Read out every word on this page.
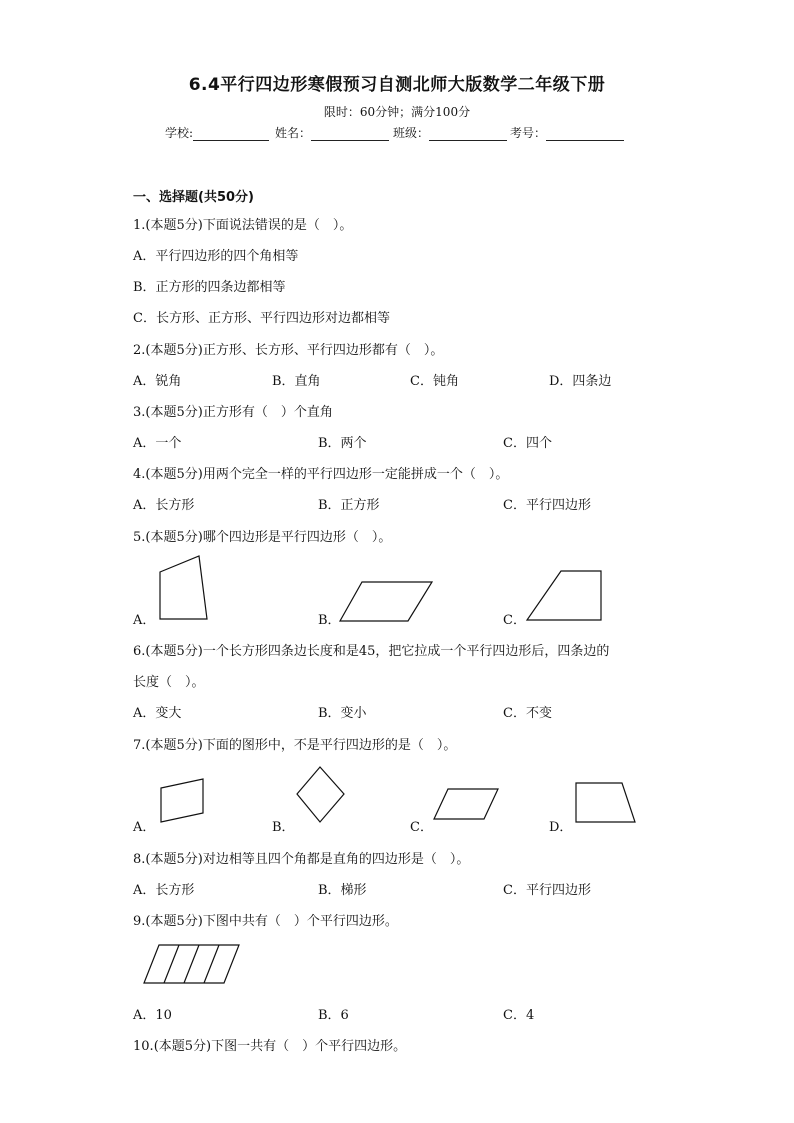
6.4平行四边形寒假预习自测北师大版数学二年级下册
限时：60分钟；满分100分
学校:	姓名：	班级：	考号：
一、选择题(共50分)
1.(本题5分)下面说法错误的是（　）。
A．平行四边形的四个角相等
B．正方形的四条边都相等
C．长方形、正方形、平行四边形对边都相等
2.(本题5分)正方形、长方形、平行四边形都有（　）。
A．锐角	B．直角	C．钝角	D．四条边
3.(本题5分)正方形有（　）个直角
A．一个	B．两个	C．四个
4.(本题5分)用两个完全一样的平行四边形一定能拼成一个（　）。
A．长方形	B．正方形	C．平行四边形
5.(本题5分)哪个四边形是平行四边形（　）。
A．	B．	C．
6.(本题5分)一个长方形四条边长度和是45，把它拉成一个平行四边形后，四条边的
长度（　）。
A．变大	B．变小	C．不变
7.(本题5分)下面的图形中，不是平行四边形的是（　）。
A．	B．	C．	D．
8.(本题5分)对边相等且四个角都是直角的四边形是（　）。
A．长方形	B．梯形	C．平行四边形
9.(本题5分)下图中共有（　）个平行四边形。
A．10	B．6	C．4
10.(本题5分)下图一共有（　）个平行四边形。
